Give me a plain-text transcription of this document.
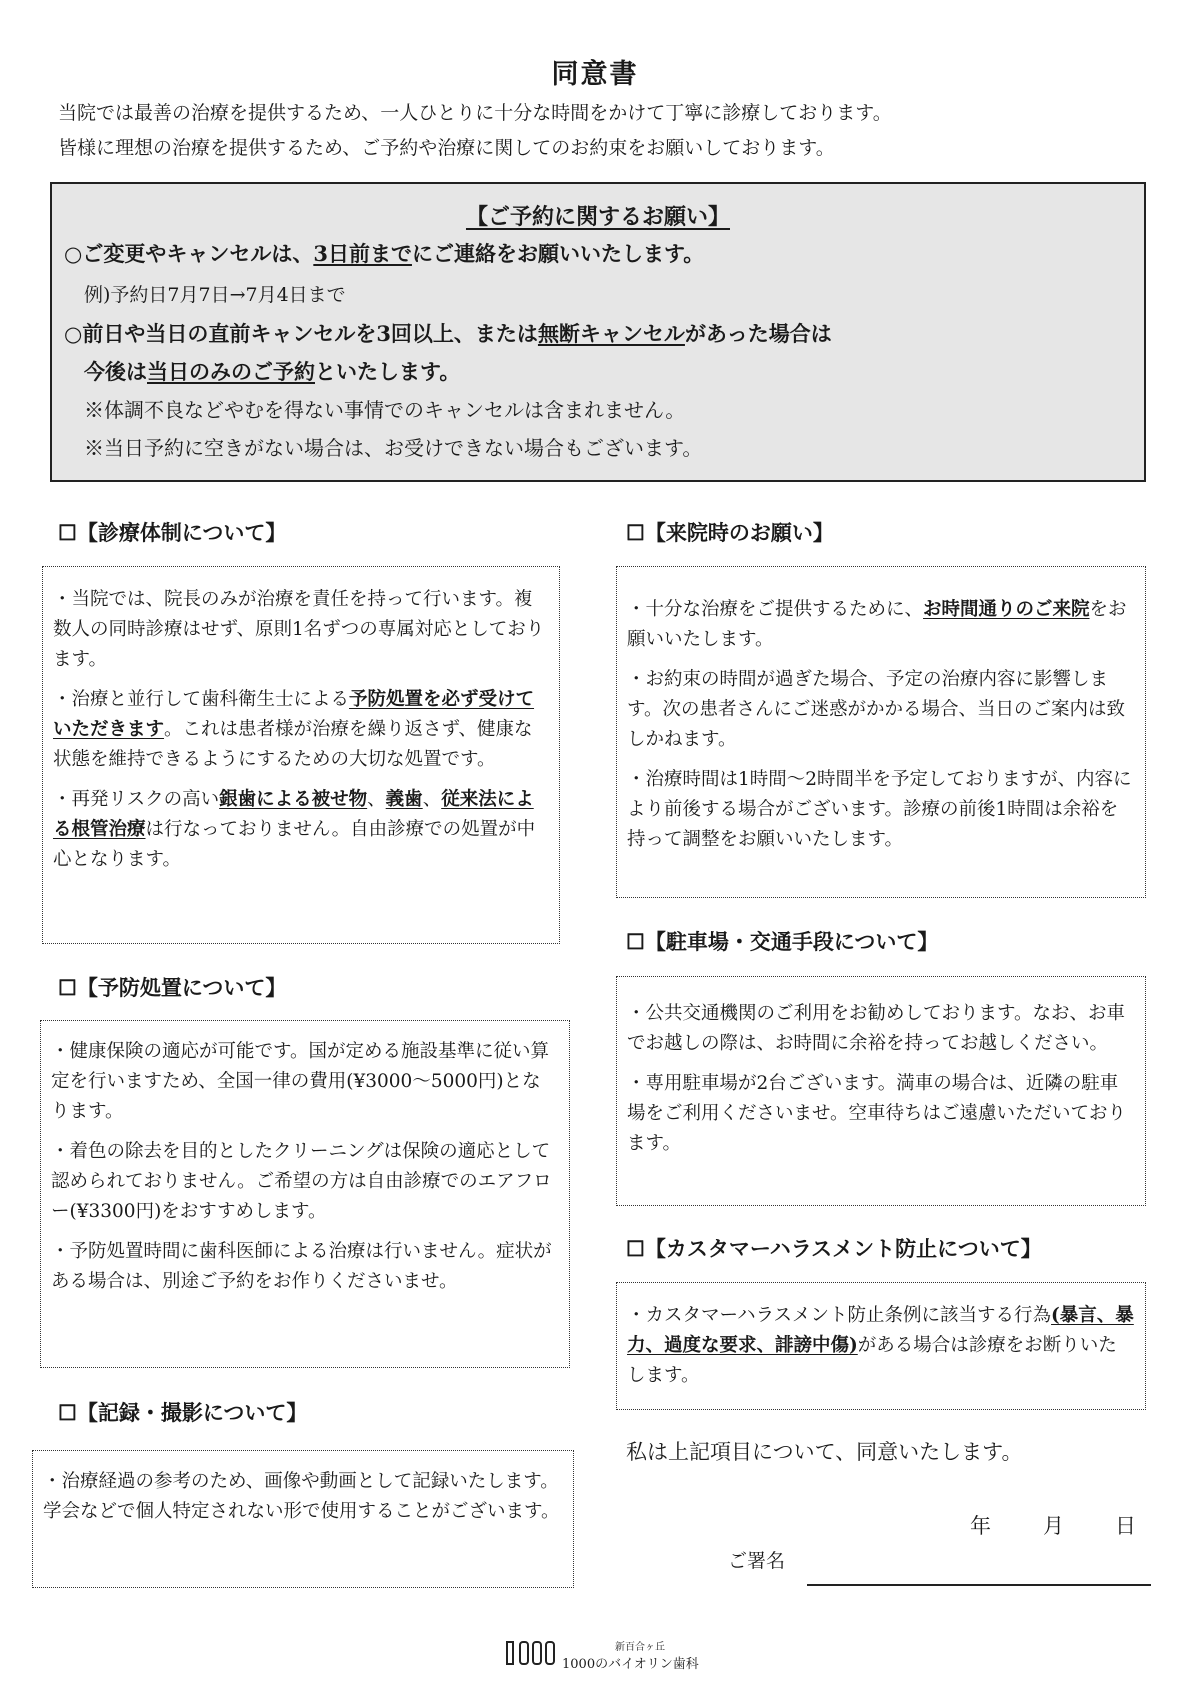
同意書
当院では最善の治療を提供するため、一人ひとりに十分な時間をかけて丁寧に診療しております。
皆様に理想の治療を提供するため、ご予約や治療に関してのお約束をお願いしております。
【ご予約に関するお願い】
○ご変更やキャンセルは、3日前までにご連絡をお願いいたします。
例)予約日7月7日→7月4日まで
○前日や当日の直前キャンセルを3回以上、または無断キャンセルがあった場合は
今後は当日のみのご予約といたします。
※体調不良などやむを得ない事情でのキャンセルは含まれません。
※当日予約に空きがない場合は、お受けできない場合もございます。
☐【診療体制について】

・当院では、院長のみが治療を責任を持って行います。複数人の同時診療はせず、原則1名ずつの専属対応としております。

・治療と並行して歯科衛生士による予防処置を必ず受けていただきます。これは患者様が治療を繰り返さず、健康な状態を維持できるようにするための大切な処置です。

・再発リスクの高い銀歯による被せ物、義歯、従来法による根管治療は行なっておりません。自由診療での処置が中心となります。

☐【予防処置について】

・健康保険の適応が可能です。国が定める施設基準に従い算定を行いますため、全国一律の費用(¥3000〜5000円)となります。

・着色の除去を目的としたクリーニングは保険の適応として認められておりません。ご希望の方は自由診療でのエアフロー(¥3300円)をおすすめします。

・予防処置時間に歯科医師による治療は行いません。症状がある場合は、別途ご予約をお作りくださいませ。

☐【記録・撮影について】

・治療経過の参考のため、画像や動画として記録いたします。学会などで個人特定されない形で使用することがございます。

☐【来院時のお願い】

・十分な治療をご提供するために、お時間通りのご来院をお願いいたします。

・お約束の時間が過ぎた場合、予定の治療内容に影響します。次の患者さんにご迷惑がかかる場合、当日のご案内は致しかねます。

・治療時間は1時間〜2時間半を予定しておりますが、内容により前後する場合がございます。診療の前後1時間は余裕を持って調整をお願いいたします。

☐【駐車場・交通手段について】

・公共交通機関のご利用をお勧めしております。なお、お車でお越しの際は、お時間に余裕を持ってお越しください。

・専用駐車場が2台ございます。満車の場合は、近隣の駐車場をご利用くださいませ。空車待ちはご遠慮いただいております。

☐【カスタマーハラスメント防止について】

・カスタマーハラスメント防止条例に該当する行為(暴言、暴力、過度な要求、誹謗中傷)がある場合は診療をお断りいたします。

私は上記項目について、同意いたします。
年 月 日
ご署名
新百合ヶ丘
1000のバイオリン歯科
